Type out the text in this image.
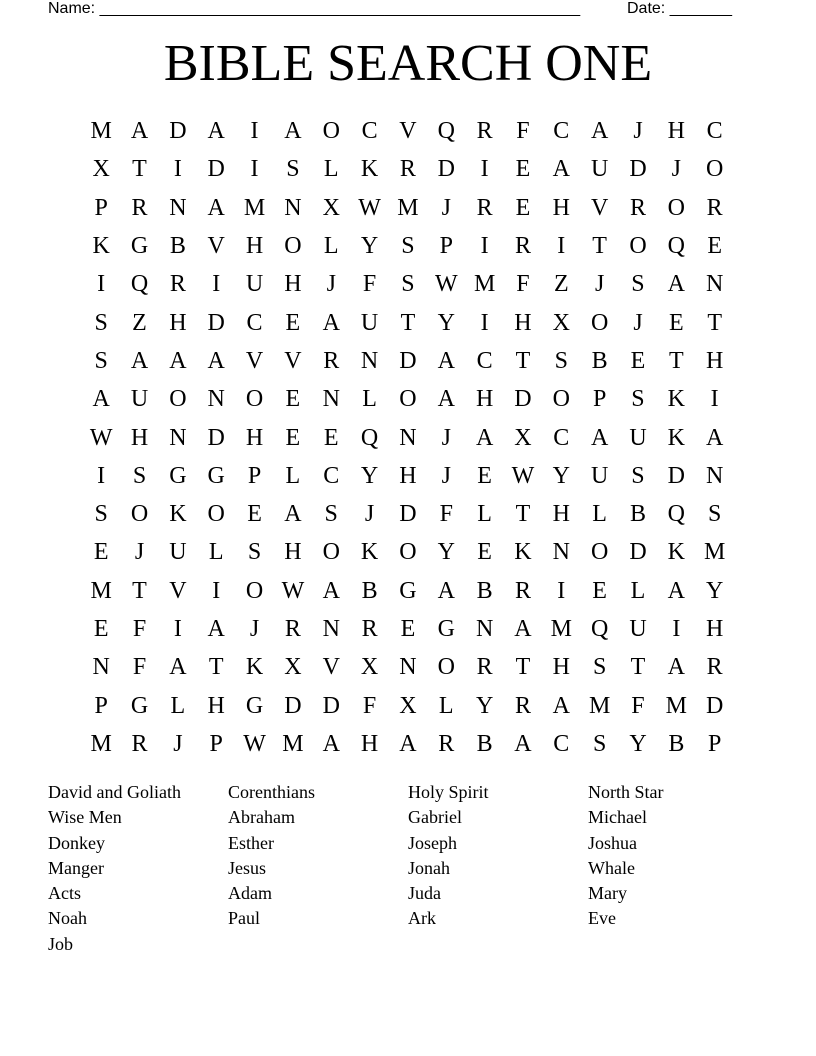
Name: ______________________________________________________	Date: _______
BIBLE SEARCH ONE
M A D A	I	A O C V Q R F C A	J	H C
X T	I	D	I	S	L K R D	I	E A U D	J	O
P R N A M N X W M J	R E H V R O R
K G B V H O L Y S	P	I	R	I	T O Q E
I	Q R	I	U H	J	F	S W M F	Z	J	S A N
S	Z H D C E A U T Y	I	H X O	J	E T
S A A A V V R N D A C T	S B E T H
A U O N O E N L O A H D O P	S K	I
W H N D H E E Q N	J	A X C A U K A
I	S G G P	L C Y H	J	E W Y U S D N
S O K O E A S	J	D F	L T H L B Q S
E	J	U L	S H O K O Y E K N O D K M
M T V	I	O W A B G A B R	I	E L A Y
E	F	I	A	J	R N R E G N A M Q U	I	H
N F A T K X V X N O R T H S	T A R
P G L H G D D F X L Y R A M F M D
M R	J	P W M A H A R B A C S Y B P
David and Goliath
Wise Men
Donkey
Manger
Acts
Noah
Job
Corenthians
Abraham
Esther
Jesus
Adam
Paul
Holy Spirit
Gabriel
Joseph
Jonah
Juda
Ark
North Star
Michael
Joshua
Whale
Mary
Eve
